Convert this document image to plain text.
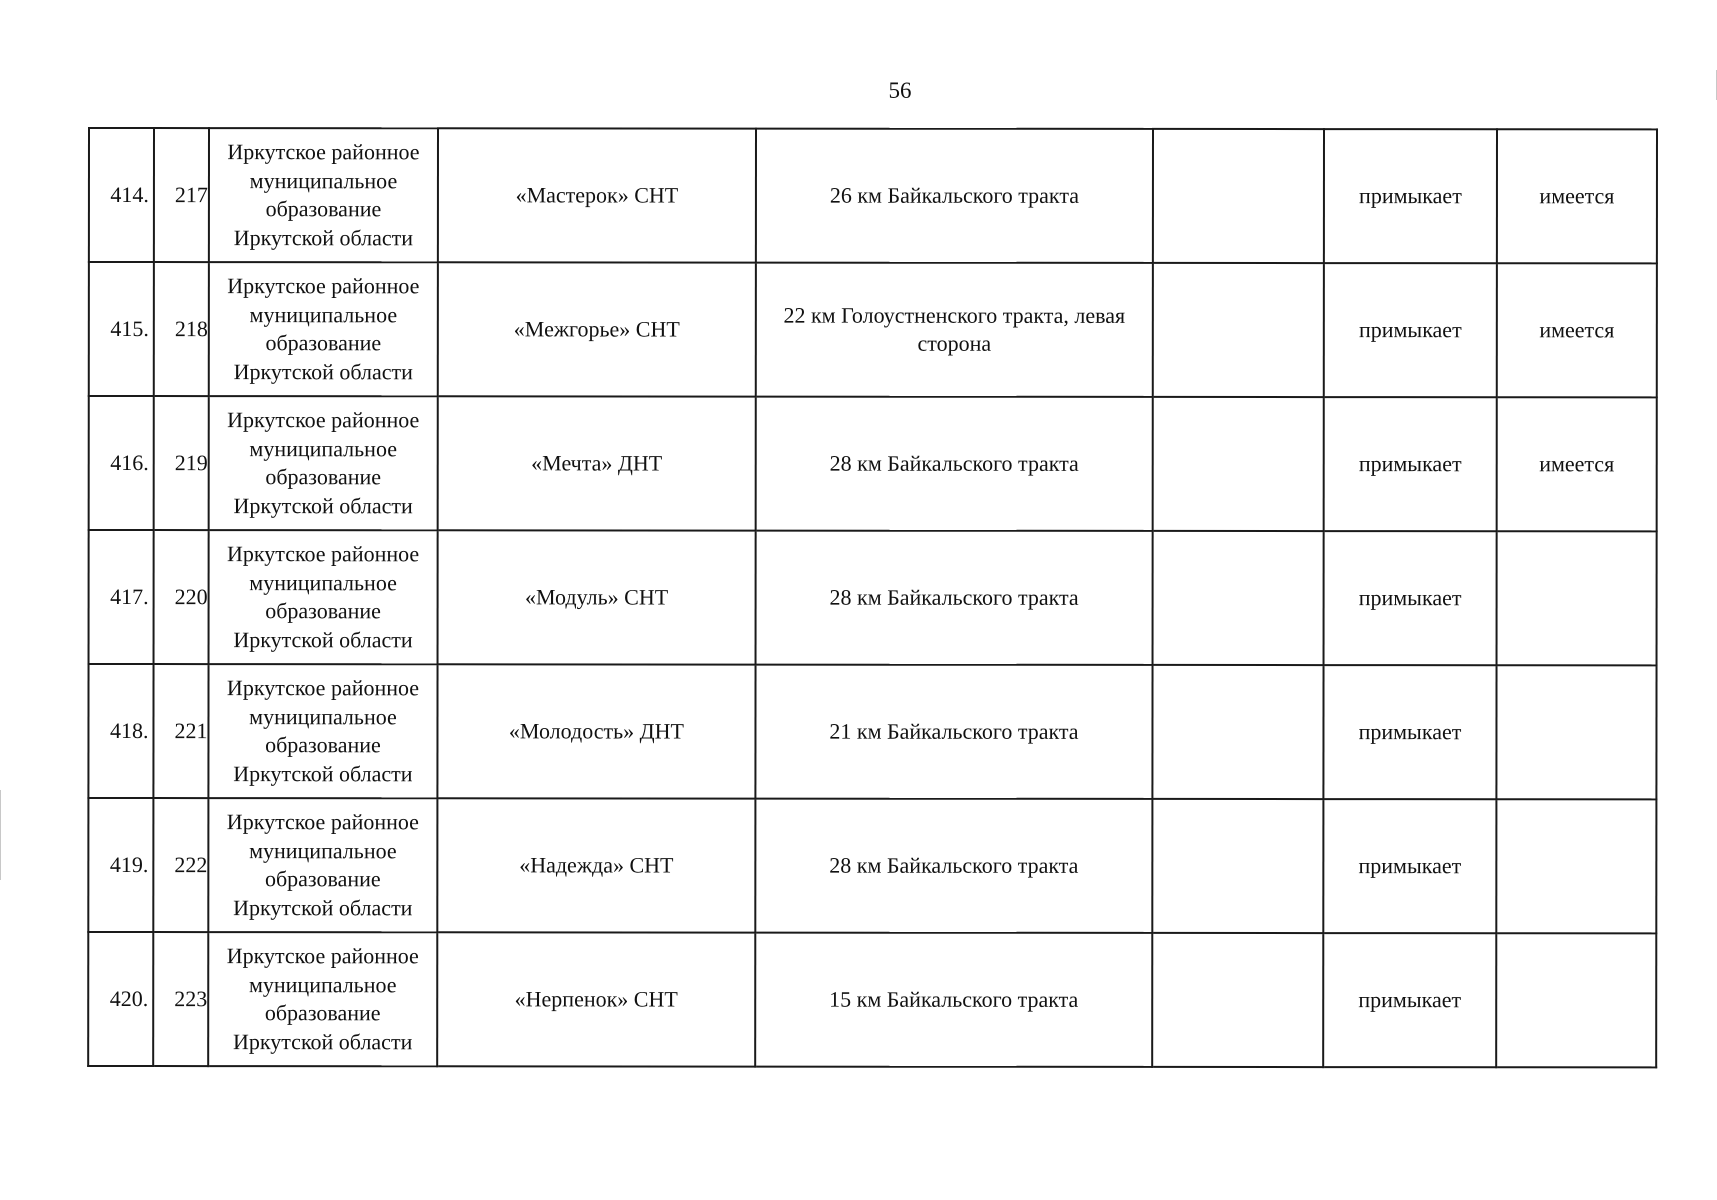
56
414.	217	Иркутское районное муниципальное образование Иркутской области	«Мастерок» СНТ	26 км Байкальского тракта		примыкает	имеется
415.	218	Иркутское районное муниципальное образование Иркутской области	«Межгорье» СНТ	22 км Голоустненского тракта, левая сторона		примыкает	имеется
416.	219	Иркутское районное муниципальное образование Иркутской области	«Мечта» ДНТ	28 км Байкальского тракта		примыкает	имеется
417.	220	Иркутское районное муниципальное образование Иркутской области	«Модуль» СНТ	28 км Байкальского тракта		примыкает	
418.	221	Иркутское районное муниципальное образование Иркутской области	«Молодость» ДНТ	21 км Байкальского тракта		примыкает	
419.	222	Иркутское районное муниципальное образование Иркутской области	«Надежда» СНТ	28 км Байкальского тракта		примыкает	
420.	223	Иркутское районное муниципальное образование Иркутской области	«Нерпенок» СНТ	15 км Байкальского тракта		примыкает	
